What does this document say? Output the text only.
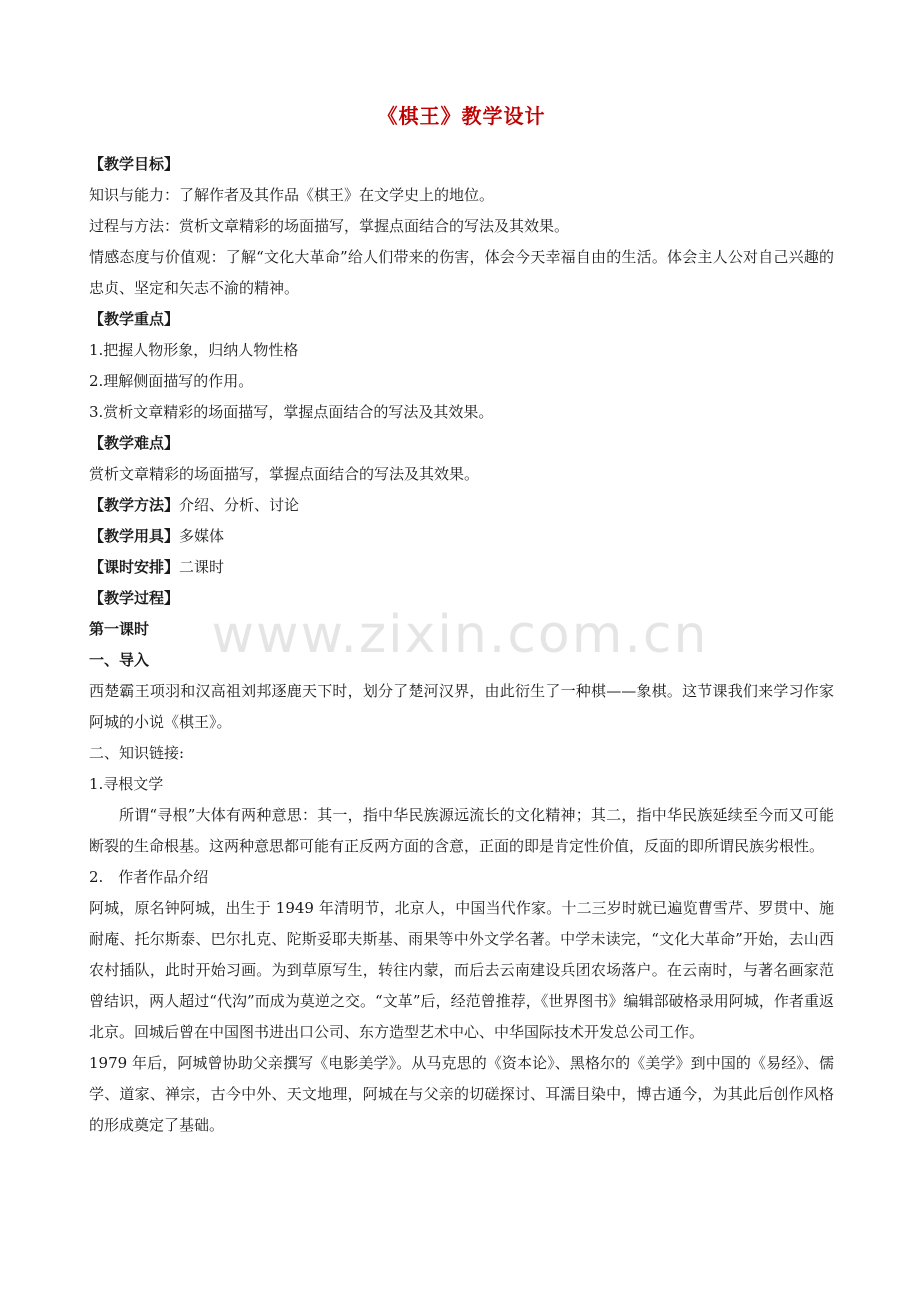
《棋王》教学设计

【教学目标】

知识与能力：了解作者及其作品《棋王》在文学史上的地位。

过程与方法：赏析文章精彩的场面描写，掌握点面结合的写法及其效果。

情感态度与价值观：了解“文化大革命”给人们带来的伤害，体会今天幸福自由的生活。体会主人公对自己兴趣的忠贞、坚定和矢志不渝的精神。

【教学重点】

1.把握人物形象，归纳人物性格

2.理解侧面描写的作用。

3.赏析文章精彩的场面描写，掌握点面结合的写法及其效果。

【教学难点】

赏析文章精彩的场面描写，掌握点面结合的写法及其效果。

【教学方法】介绍、分析、讨论

【教学用具】多媒体

【课时安排】二课时

【教学过程】

第一课时

一、导入

西楚霸王项羽和汉高祖刘邦逐鹿天下时，划分了楚河汉界，由此衍生了一种棋——象棋。这节课我们来学习作家阿城的小说《棋王》。

二、知识链接:

1.寻根文学

所谓“寻根”大体有两种意思：其一，指中华民族源远流长的文化精神；其二，指中华民族延续至今而又可能断裂的生命根基。这两种意思都可能有正反两方面的含意，正面的即是肯定性价值，反面的即所谓民族劣根性。

2.　作者作品介绍

阿城，原名钟阿城，出生于 1949 年清明节，北京人，中国当代作家。十二三岁时就已遍览曹雪芹、罗贯中、施耐庵、托尔斯泰、巴尔扎克、陀斯妥耶夫斯基、雨果等中外文学名著。中学未读完，“文化大革命”开始，去山西农村插队，此时开始习画。为到草原写生，转往内蒙，而后去云南建设兵团农场落户。在云南时，与著名画家范曾结识，两人超过“代沟”而成为莫逆之交。“文革”后，经范曾推荐，《世界图书》编辑部破格录用阿城，作者重返北京。回城后曾在中国图书进出口公司、东方造型艺术中心、中华国际技术开发总公司工作。

1979 年后，阿城曾协助父亲撰写《电影美学》。从马克思的《资本论》、黑格尔的《美学》到中国的《易经》、儒学、道家、禅宗，古今中外、天文地理，阿城在与父亲的切磋探讨、耳濡目染中，博古通今，为其此后创作风格的形成奠定了基础。

www.zixin.com.cn
